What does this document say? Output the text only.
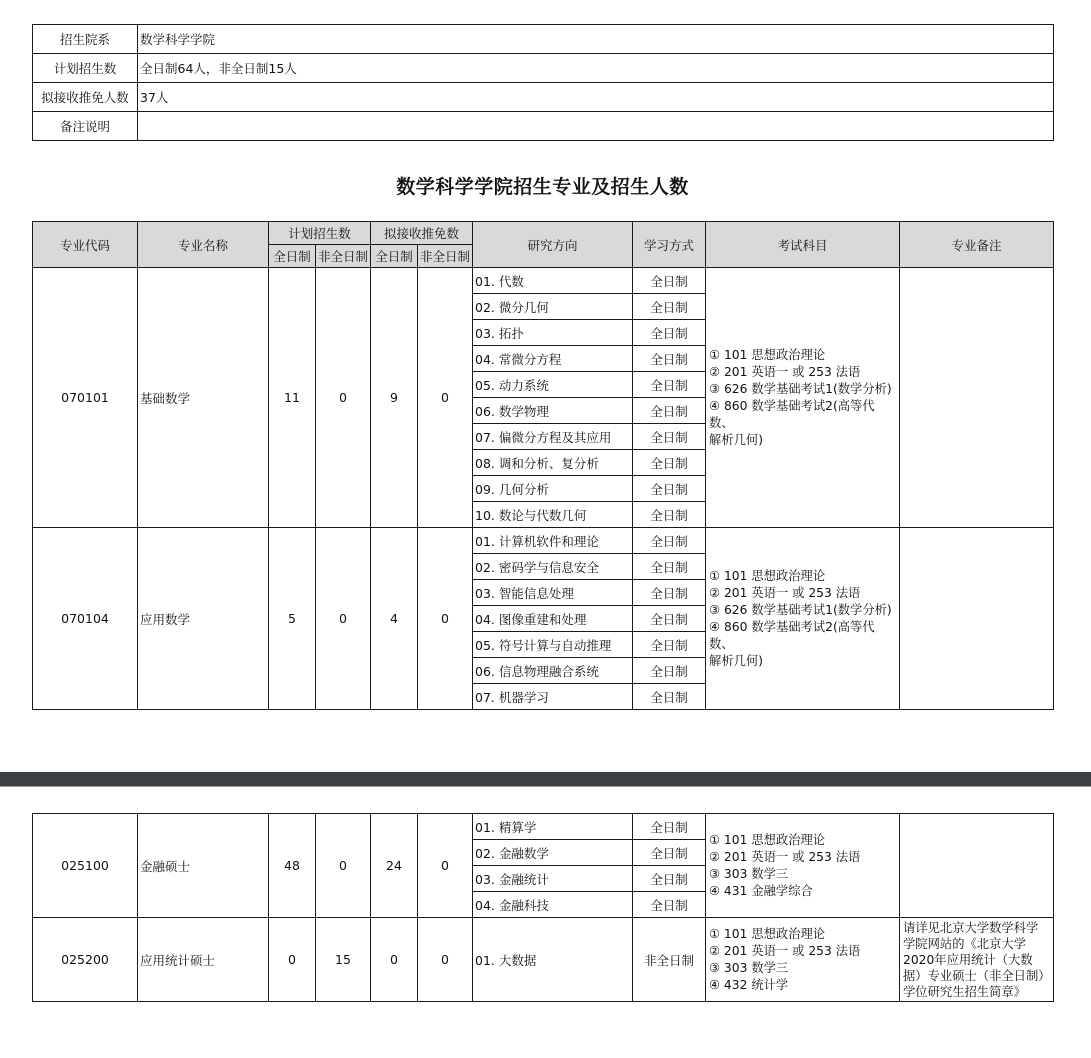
招生院系	数学科学学院
计划招生数	全日制64人，非全日制15人
拟接收推免人数	37人
备注说明	
数学科学学院招生专业及招生人数
专业代码	专业名称	计划招生数		拟接收推免数		研究方向	学习方式	考试科目	专业备注
		全日制	非全日制	全日制	非全日制				
070101	基础数学	11	0	9	0	01. 代数	全日制	① 101 思想政治理论
② 201 英语一 或 253 法语
③ 626 数学基础考试1(数学分析)
④ 860 数学基础考试2(高等代数、
解析几何)	

						02. 微分几何	全日制		
						03. 拓扑	全日制		
						04. 常微分方程	全日制		
						05. 动力系统	全日制		
						06. 数学物理	全日制		
						07. 偏微分方程及其应用	全日制		
						08. 调和分析、复分析	全日制		
						09. 几何分析	全日制		
						10. 数论与代数几何	全日制		
070104	应用数学	5	0	4	0	01. 计算机软件和理论	全日制	① 101 思想政治理论
② 201 英语一 或 253 法语
③ 626 数学基础考试1(数学分析)
④ 860 数学基础考试2(高等代数、
解析几何)	

						02. 密码学与信息安全	全日制		
						03. 智能信息处理	全日制		
						04. 图像重建和处理	全日制		
						05. 符号计算与自动推理	全日制		
						06. 信息物理融合系统	全日制		
						07. 机器学习	全日制		
025100	金融硕士	48	0	24	0	01. 精算学	全日制	① 101 思想政治理论
② 201 英语一 或 253 法语
③ 303 数学三
④ 431 金融学综合	

						02. 金融数学	全日制		
						03. 金融统计	全日制		
						04. 金融科技	全日制		
025200	应用统计硕士	0	15	0	0	01. 大数据	非全日制	① 101 思想政治理论
② 201 英语一 或 253 法语
③ 303 数学三
④ 432 统计学	请详见北京大学数学科学学院网站的《北京大学2020年应用统计（大数据）专业硕士（非全日制）学位研究生招生简章》
